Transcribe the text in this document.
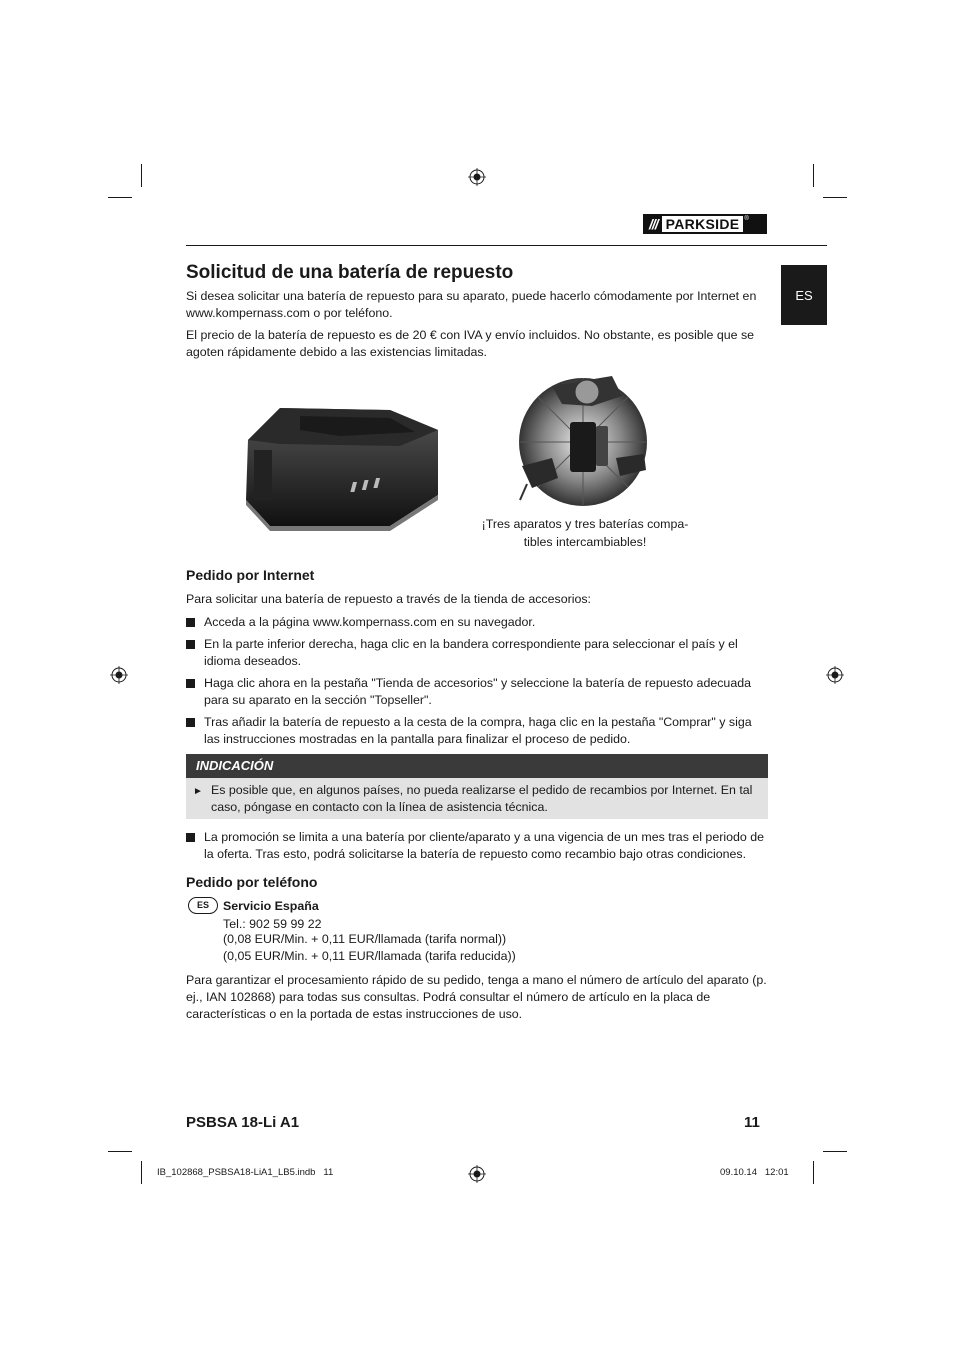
/// PARKSIDE ®
ES
Solicitud de una batería de repuesto

Si desea solicitar una batería de repuesto para su aparato, puede hacerlo cómodamente por Internet en www.kompernass.com o por teléfono.

El precio de la batería de repuesto es de 20 € con IVA y envío incluidos. No obstante, es posible que se agoten rápidamente debido a las existencias limitadas.

¡Tres aparatos y tres baterías compa-
tibles intercambiables!
Pedido por Internet

Para solicitar una batería de repuesto a través de la tienda de accesorios:

Acceda a la página www.kompernass.com en su navegador.
En la parte inferior derecha, haga clic en la bandera correspondiente para seleccionar el país y el idioma deseados.
Haga clic ahora en la pestaña "Tienda de accesorios" y seleccione la batería de repuesto adecuada para su aparato en la sección "Topseller".
Tras añadir la batería de repuesto a la cesta de la compra, haga clic en la pestaña "Comprar" y siga las instrucciones mostradas en la pantalla para finalizar el proceso de pedido.
INDICACIÓN
► Es posible que, en algunos países, no pueda realizarse el pedido de recambios por Internet. En tal caso, póngase en contacto con la línea de asistencia técnica.
La promoción se limita a una batería por cliente/aparato y a una vigencia de un mes tras el periodo de la oferta. Tras esto, podrá solicitarse la batería de repuesto como recambio bajo otras condiciones.
Pedido por teléfono
ES	Servicio España
Tel.: 902 59 99 22
(0,08 EUR/Min. + 0,11 EUR/llamada (tarifa normal))
(0,05 EUR/Min. + 0,11 EUR/llamada (tarifa reducida))

Para garantizar el procesamiento rápido de su pedido, tenga a mano el número de artículo del aparato (p. ej., IAN 102868) para todas sus consultas. Podrá consultar el número de artículo en la placa de características o en la portada de estas instrucciones de uso.

PSBSA 18-Li A1	11
IB_102868_PSBSA18-LiA1_LB5.indb   11	09.10.14   12:01
